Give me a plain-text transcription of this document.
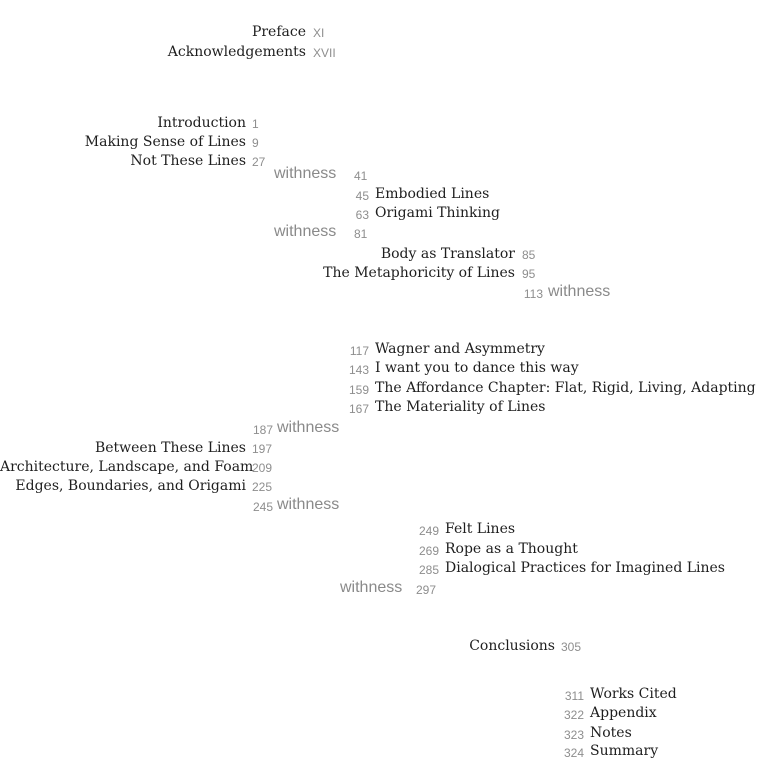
Preface XI
Acknowledgements XVII
Introduction 1
Making Sense of Lines 9
Not These Lines 27
withness 41
45 Embodied Lines
63 Origami Thinking
withness 81
Body as Translator 85
The Metaphoricity of Lines 95
113 withness
117 Wagner and Asymmetry
143 I want you to dance this way
159 The Affordance Chapter: Flat, Rigid, Living, Adapting
167 The Materiality of Lines
187 withness
Between These Lines 197
Architecture, Landscape, and Foam
209
Edges, Boundaries, and Origami 225
245 withness
249 Felt Lines
269 Rope as a Thought
285 Dialogical Practices for Imagined Lines
withness 297
Conclusions 305
311 Works Cited
322 Appendix
323 Notes
324 Summary
